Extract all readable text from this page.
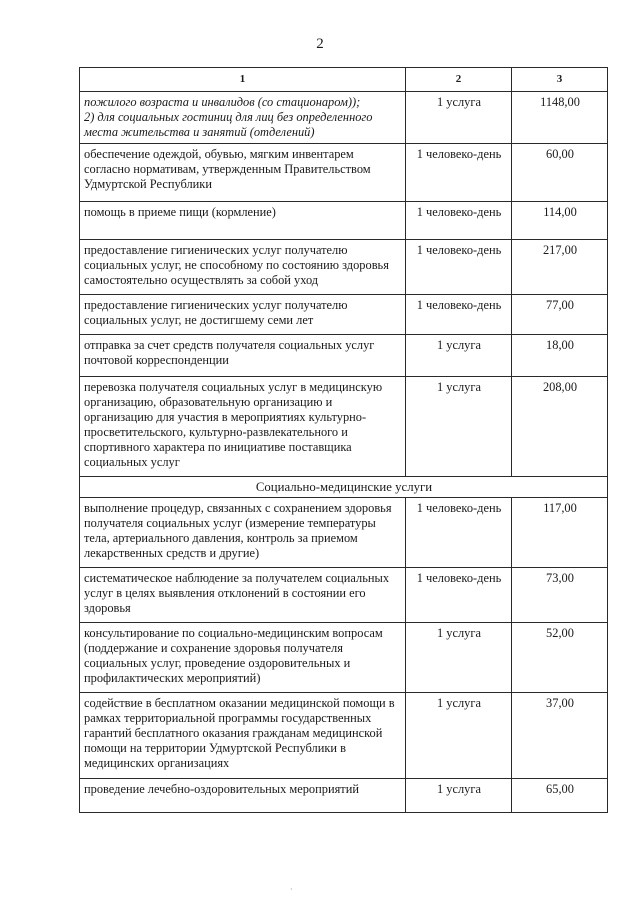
2
1	2	3
пожилого возраста и инвалидов (со стационаром));
2) для социальных гостиниц для лиц без определенного места жительства и занятий (отделений)	1 услуга	1148,00
обеспечение одеждой, обувью, мягким инвентарем согласно нормативам, утвержденным Правительством Удмуртской Республики	1 человеко-день	60,00
помощь в приеме пищи (кормление)	1 человеко-день	114,00
предоставление гигиенических услуг получателю социальных услуг, не способному по состоянию здоровья самостоятельно осуществлять за собой уход	1 человеко-день	217,00
предоставление гигиенических услуг получателю социальных услуг, не достигшему семи лет	1 человеко-день	77,00
отправка за счет средств получателя социальных услуг почтовой корреспонденции	1 услуга	18,00
перевозка получателя социальных услуг в медицинскую организацию, образовательную организацию и организацию для участия в мероприятиях культурно-просветительского, культурно-развлекательного и спортивного характера по инициативе поставщика социальных услуг	1 услуга	208,00
Социально-медицинские услуги		
выполнение процедур, связанных с сохранением здоровья получателя социальных услуг (измерение температуры тела, артериального давления, контроль за приемом лекарственных средств и другие)	1 человеко-день	117,00
систематическое наблюдение за получателем социальных услуг в целях выявления отклонений в состоянии его здоровья	1 человеко-день	73,00
консультирование по социально-медицинским вопросам (поддержание и сохранение здоровья получателя социальных услуг, проведение оздоровительных и профилактических мероприятий)	1 услуга	52,00
содействие в бесплатном оказании медицинской помощи в рамках территориальной программы государственных гарантий бесплатного оказания гражданам медицинской помощи на территории Удмуртской Республики в медицинских организациях	1 услуга	37,00
проведение лечебно-оздоровительных мероприятий	1 услуга	65,00
·
